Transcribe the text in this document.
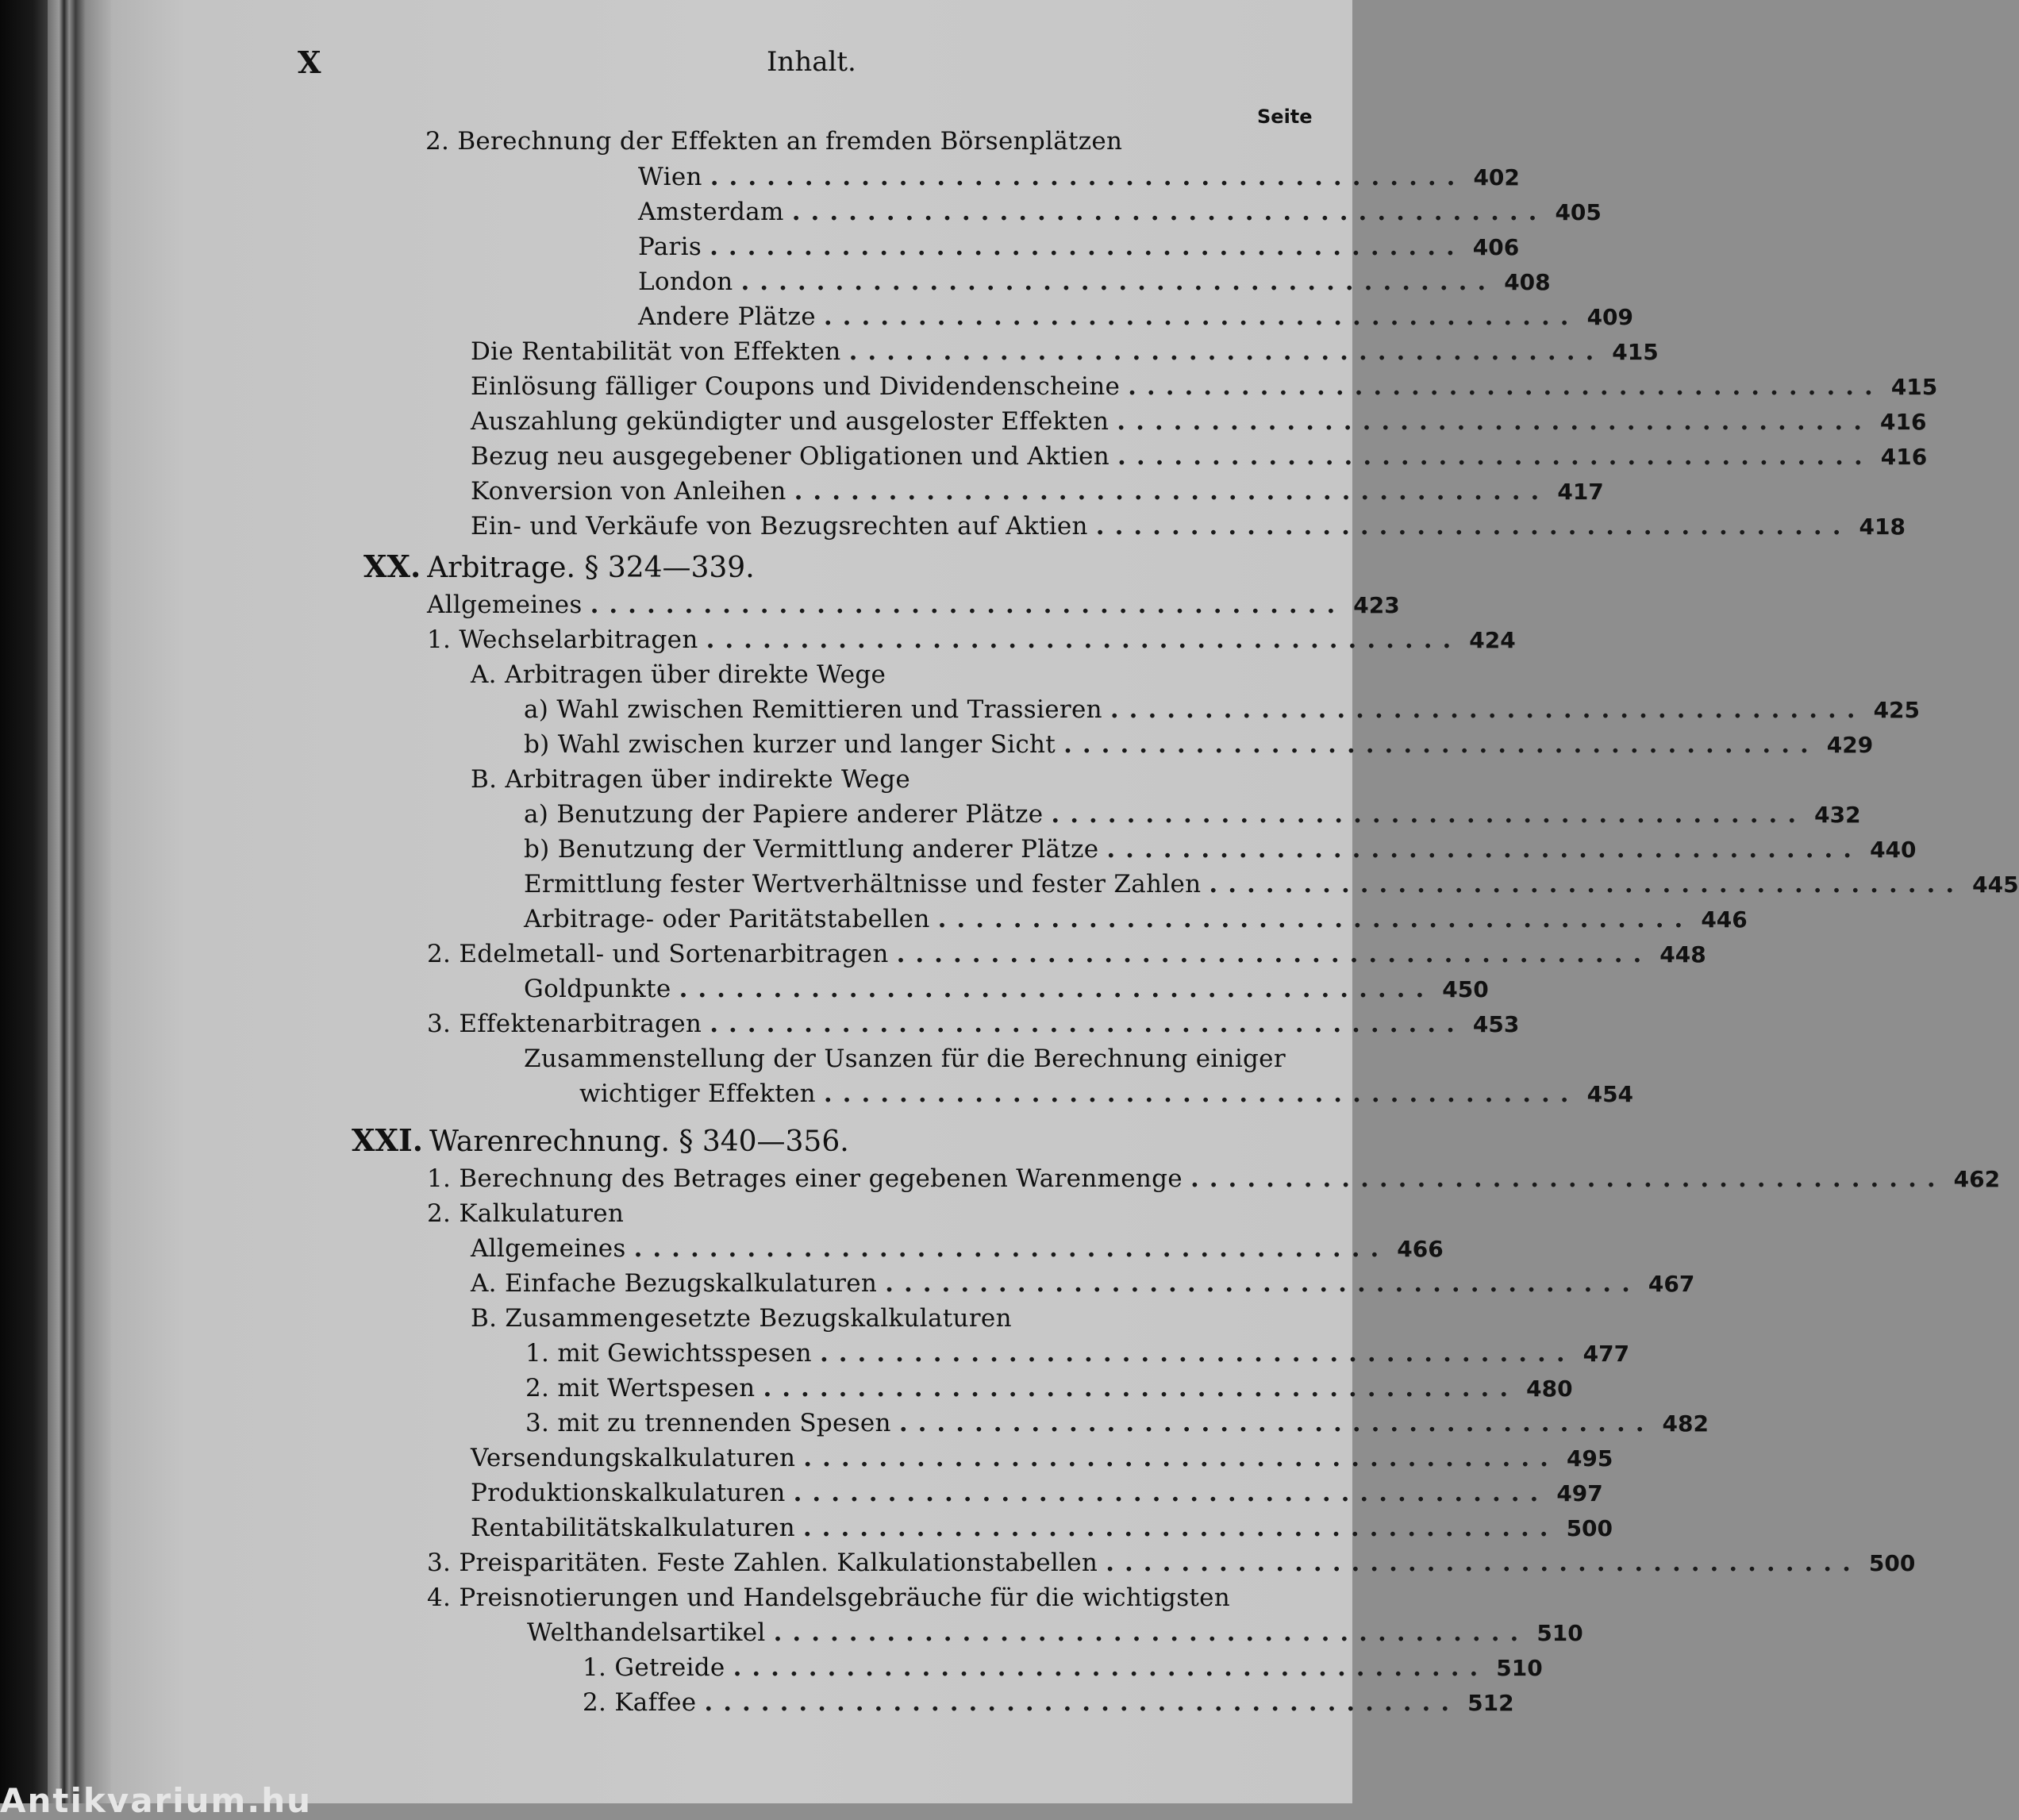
Antikvarium.hu
X	Inhalt.
Seite
2. Berechnung der Effekten an fremden Börsenplätzen
Wien ........................................ 402
Amsterdam ........................................ 405
Paris ........................................ 406
London ........................................ 408
Andere Plätze ........................................ 409
Die Rentabilität von Effekten ........................................ 415
Einlösung fälliger Coupons und Dividendenscheine ........................................ 415
Auszahlung gekündigter und ausgeloster Effekten ........................................ 416
Bezug neu ausgegebener Obligationen und Aktien ........................................ 416
Konversion von Anleihen ........................................ 417
Ein- und Verkäufe von Bezugsrechten auf Aktien ........................................ 418
XX. Arbitrage. § 324—339.
Allgemeines ........................................ 423
1. Wechselarbitragen ........................................ 424
A. Arbitragen über direkte Wege
a) Wahl zwischen Remittieren und Trassieren ........................................ 425
b) Wahl zwischen kurzer und langer Sicht ........................................ 429
B. Arbitragen über indirekte Wege
a) Benutzung der Papiere anderer Plätze ........................................ 432
b) Benutzung der Vermittlung anderer Plätze ........................................ 440
Ermittlung fester Wertverhältnisse und fester Zahlen ........................................ 445
Arbitrage- oder Paritätstabellen ........................................ 446
2. Edelmetall- und Sortenarbitragen ........................................ 448
Goldpunkte ........................................ 450
3. Effektenarbitragen ........................................ 453
Zusammenstellung der Usanzen für die Berechnung einiger
wichtiger Effekten ........................................ 454
XXI. Warenrechnung. § 340—356.
1. Berechnung des Betrages einer gegebenen Warenmenge ........................................ 462
2. Kalkulaturen
Allgemeines ........................................ 466
A. Einfache Bezugskalkulaturen ........................................ 467
B. Zusammengesetzte Bezugskalkulaturen
1. mit Gewichtsspesen ........................................ 477
2. mit Wertspesen ........................................ 480
3. mit zu trennenden Spesen ........................................ 482
Versendungskalkulaturen ........................................ 495
Produktionskalkulaturen ........................................ 497
Rentabilitätskalkulaturen ........................................ 500
3. Preisparitäten. Feste Zahlen. Kalkulationstabellen ........................................ 500
4. Preisnotierungen und Handelsgebräuche für die wichtigsten
Welthandelsartikel ........................................ 510
1. Getreide ........................................ 510
2. Kaffee ........................................ 512
